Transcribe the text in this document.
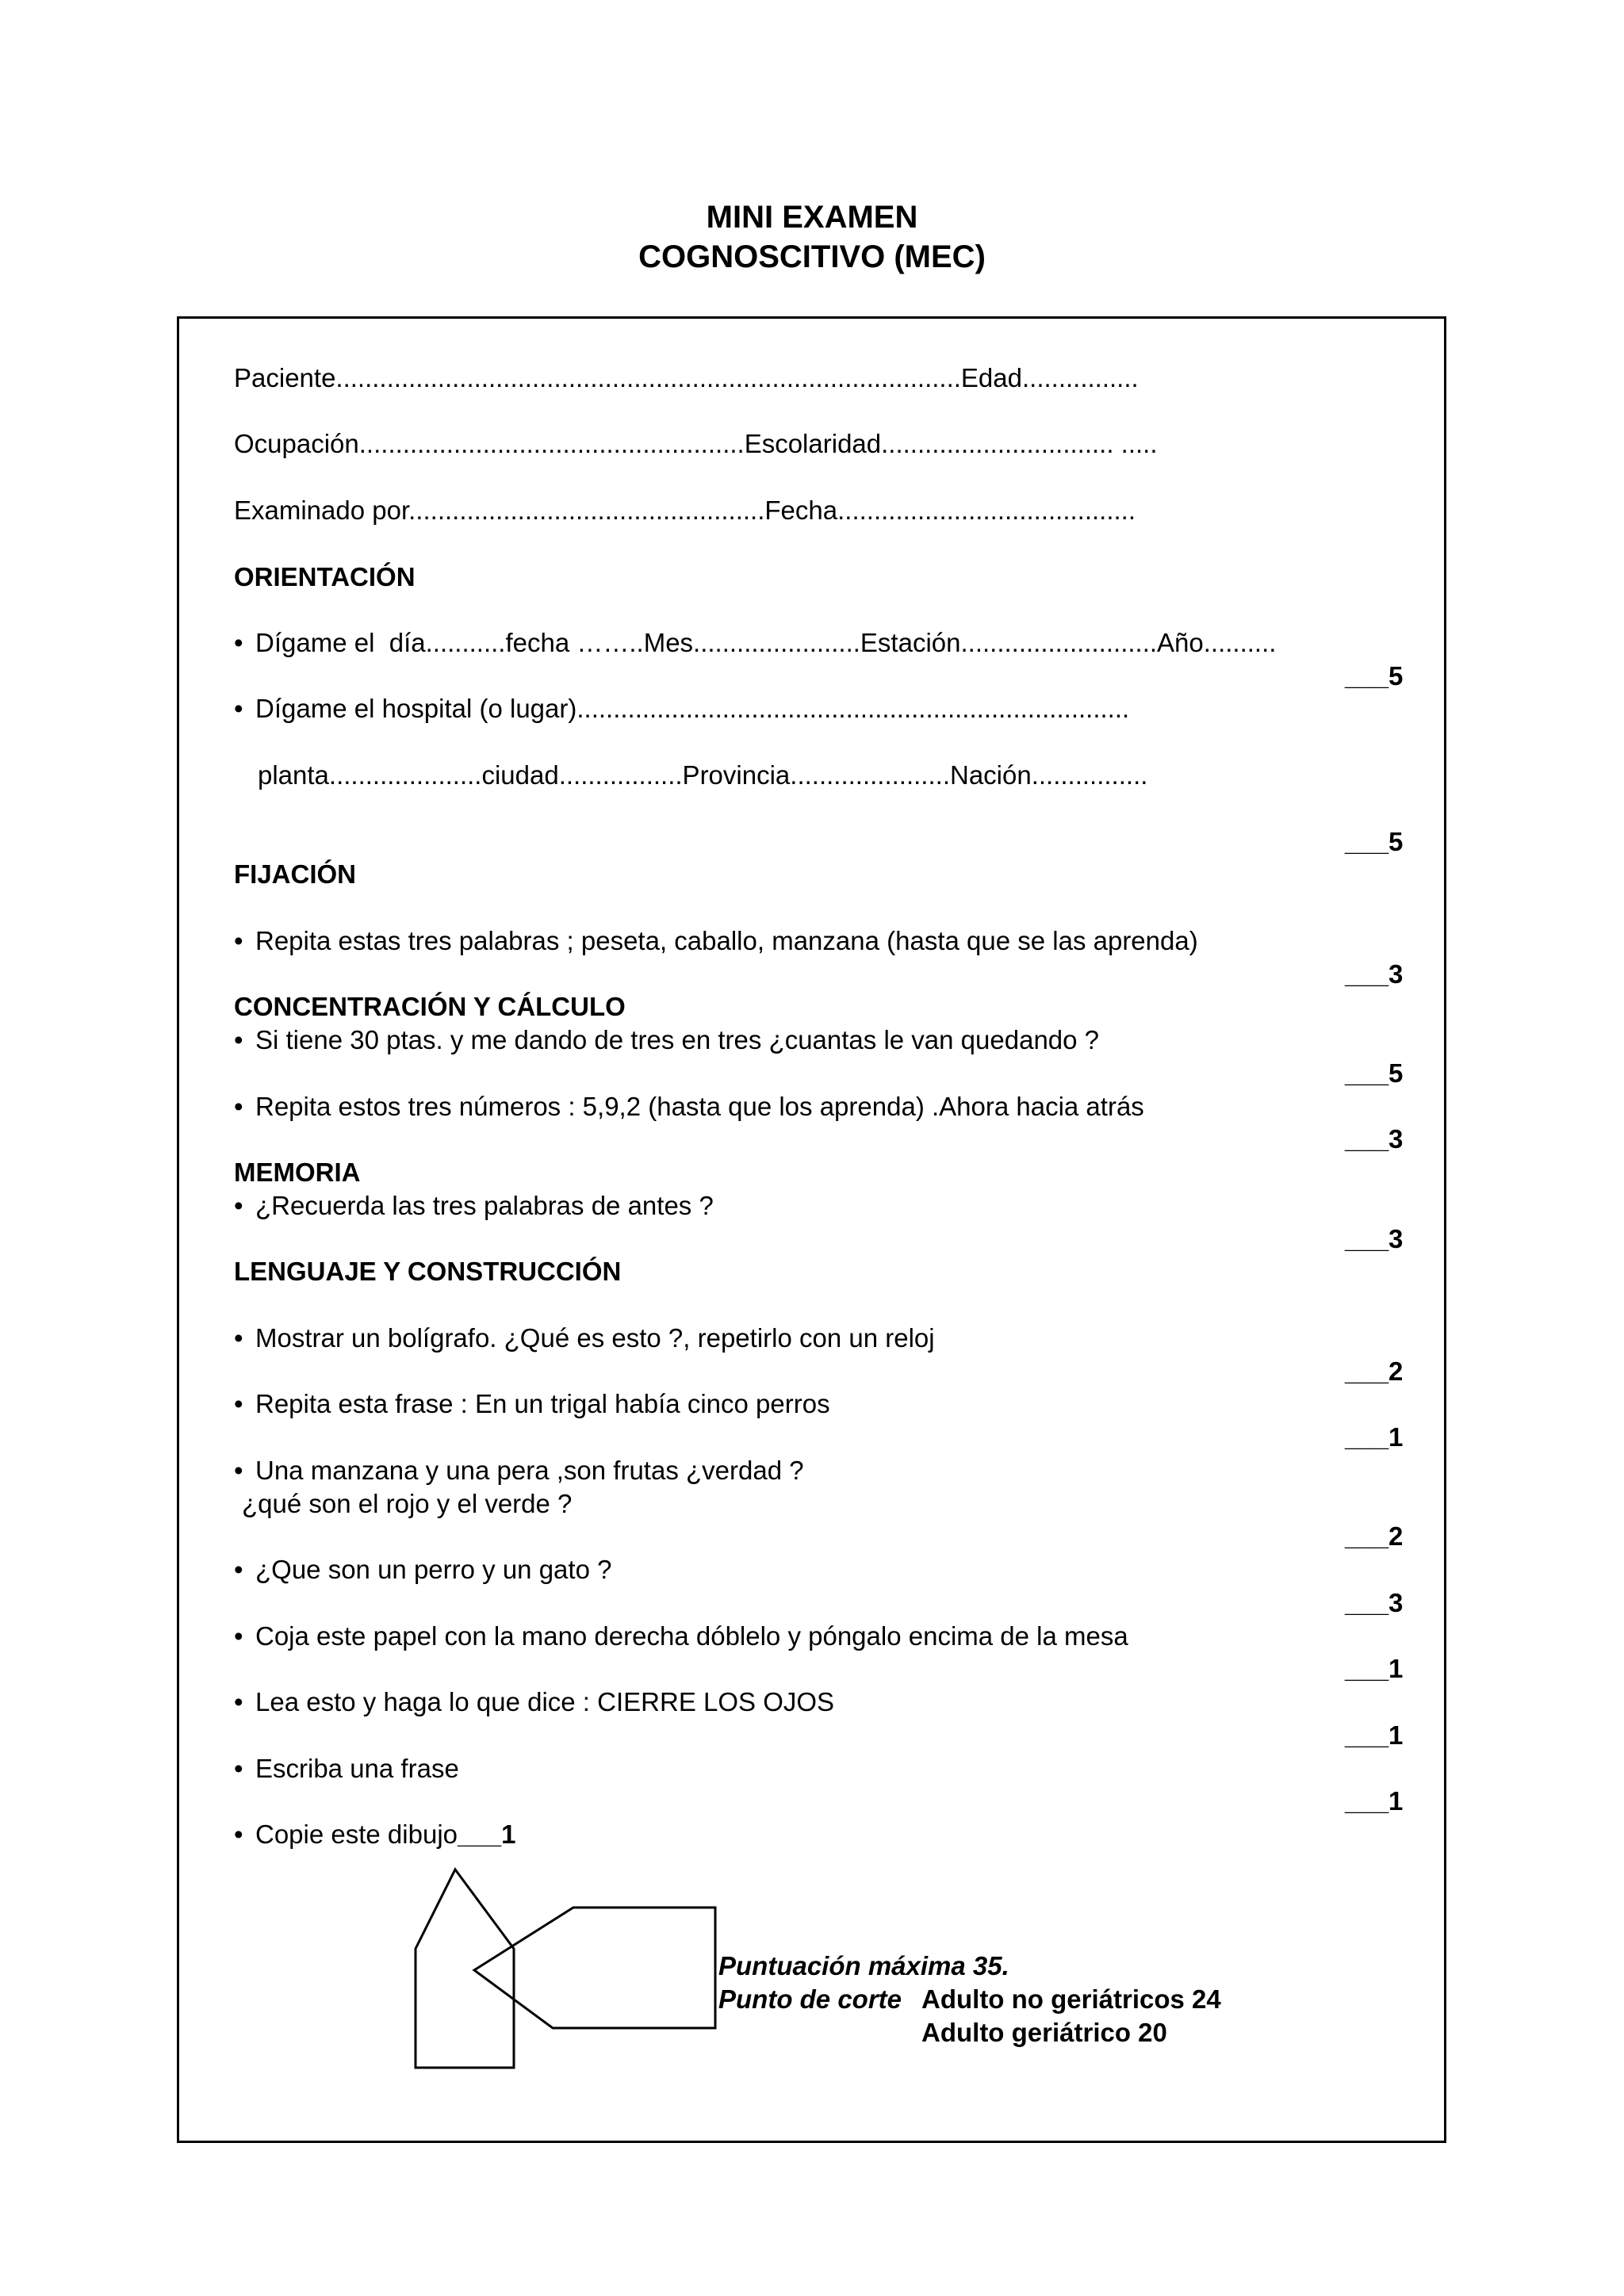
MINI EXAMEN
COGNOSCITIVO (MEC)
Paciente......................................................................................Edad................
Ocupación.....................................................Escolaridad................................ .....
Examinado por.................................................Fecha.........................................
ORIENTACIÓN
• Dígame el  día...........fecha ……..Mes.......................Estación...........................Año..........
___5
• Dígame el hospital (o lugar)............................................................................
planta.....................ciudad.................Provincia......................Nación................
___5
FIJACIÓN
• Repita estas tres palabras ; peseta, caballo, manzana (hasta que se las aprenda)
___3
CONCENTRACIÓN Y CÁLCULO
• Si tiene 30 ptas. y me dando de tres en tres ¿cuantas le van quedando ?
___5
• Repita estos tres números : 5,9,2 (hasta que los aprenda) .Ahora hacia atrás
___3
MEMORIA
• ¿Recuerda las tres palabras de antes ?
___3
LENGUAJE Y CONSTRUCCIÓN
• Mostrar un bolígrafo. ¿Qué es esto ?, repetirlo con un reloj
___2
• Repita esta frase : En un trigal había cinco perros
___1
• Una manzana y una pera ,son frutas ¿verdad ?
¿qué son el rojo y el verde ?
___2
• ¿Que son un perro y un gato ?
___3
• Coja este papel con la mano derecha dóblelo y póngalo encima de la mesa
___1
• Lea esto y haga lo que dice : CIERRE LOS OJOS
___1
• Escriba una frase
___1
• Copie este dibujo___1
Puntuación máxima 35.
Punto de corte Adulto no geriátricos 24
Adulto geriátrico 20
